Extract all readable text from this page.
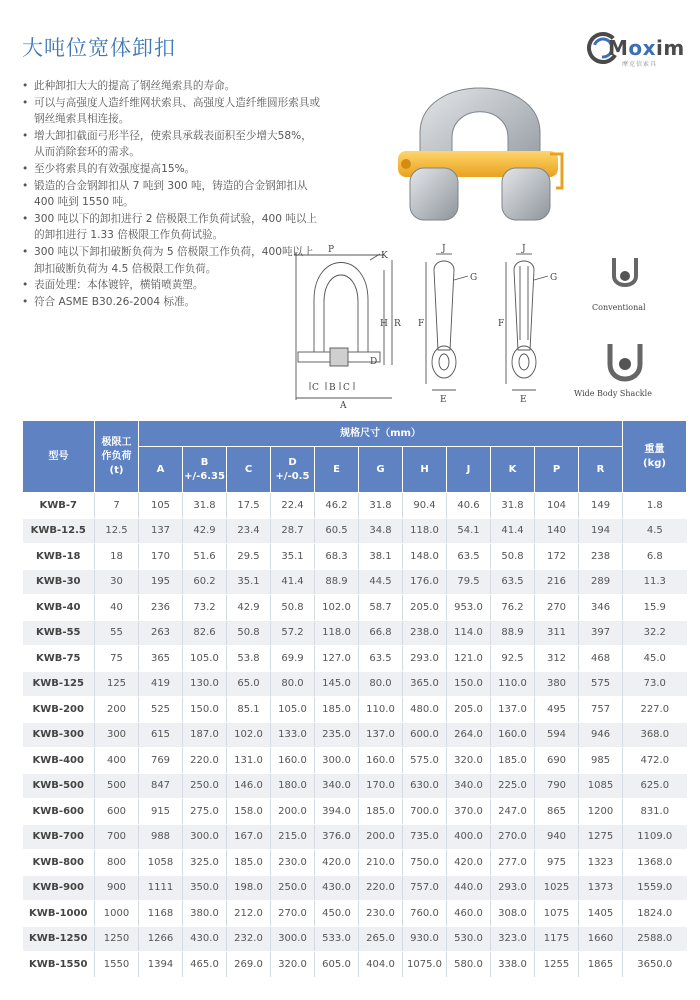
大吨位宽体卸扣	Moxim
摩克信索具
• 此种卸扣大大的提高了钢丝绳索具的寿命。
• 可以与高强度人造纤维网状索具、高强度人造纤维圆形索具或钢丝绳索具相连接。
• 增大卸扣截面弓形半径，使索具承载表面积至少增大58%，从而消除套环的需求。
• 至少将索具的有效强度提高15%。
• 锻造的合金钢卸扣从 7 吨到 300 吨，铸造的合金钢卸扣从 400 吨到 1550 吨。
• 300 吨以下的卸扣进行 2 倍极限工作负荷试验，400 吨以上的卸扣进行 1.33 倍极限工作负荷试验。
• 300 吨以下卸扣破断负荷为 5 倍极限工作负荷，400吨以上卸扣破断负荷为 4.5 倍极限工作负荷。
• 表面处理：本体镀锌，横销喷黄塑。
• 符合 ASME B30.26-2004 标准。
P
K
R
H
C B C
D
A
J
G
F
E
J
G
F
E
Conventional
Wide Body Shackle
型号	极限工作负荷(t)	规格尺寸（mm）											重量(kg)
		A	B
+/-6.35	C	D
+/-0.5	E	G	H	J	K	P	R	
KWB-7	7	105	31.8	17.5	22.4	46.2	31.8	90.4	40.6	31.8	104	149	1.8
KWB-12.5	12.5	137	42.9	23.4	28.7	60.5	34.8	118.0	54.1	41.4	140	194	4.5
KWB-18	18	170	51.6	29.5	35.1	68.3	38.1	148.0	63.5	50.8	172	238	6.8
KWB-30	30	195	60.2	35.1	41.4	88.9	44.5	176.0	79.5	63.5	216	289	11.3
KWB-40	40	236	73.2	42.9	50.8	102.0	58.7	205.0	953.0	76.2	270	346	15.9
KWB-55	55	263	82.6	50.8	57.2	118.0	66.8	238.0	114.0	88.9	311	397	32.2
KWB-75	75	365	105.0	53.8	69.9	127.0	63.5	293.0	121.0	92.5	312	468	45.0
KWB-125	125	419	130.0	65.0	80.0	145.0	80.0	365.0	150.0	110.0	380	575	73.0
KWB-200	200	525	150.0	85.1	105.0	185.0	110.0	480.0	205.0	137.0	495	757	227.0
KWB-300	300	615	187.0	102.0	133.0	235.0	137.0	600.0	264.0	160.0	594	946	368.0
KWB-400	400	769	220.0	131.0	160.0	300.0	160.0	575.0	320.0	185.0	690	985	472.0
KWB-500	500	847	250.0	146.0	180.0	340.0	170.0	630.0	340.0	225.0	790	1085	625.0
KWB-600	600	915	275.0	158.0	200.0	394.0	185.0	700.0	370.0	247.0	865	1200	831.0
KWB-700	700	988	300.0	167.0	215.0	376.0	200.0	735.0	400.0	270.0	940	1275	1109.0
KWB-800	800	1058	325.0	185.0	230.0	420.0	210.0	750.0	420.0	277.0	975	1323	1368.0
KWB-900	900	1111	350.0	198.0	250.0	430.0	220.0	757.0	440.0	293.0	1025	1373	1559.0
KWB-1000	1000	1168	380.0	212.0	270.0	450.0	230.0	760.0	460.0	308.0	1075	1405	1824.0
KWB-1250	1250	1266	430.0	232.0	300.0	533.0	265.0	930.0	530.0	323.0	1175	1660	2588.0
KWB-1550	1550	1394	465.0	269.0	320.0	605.0	404.0	1075.0	580.0	338.0	1255	1865	3650.0
